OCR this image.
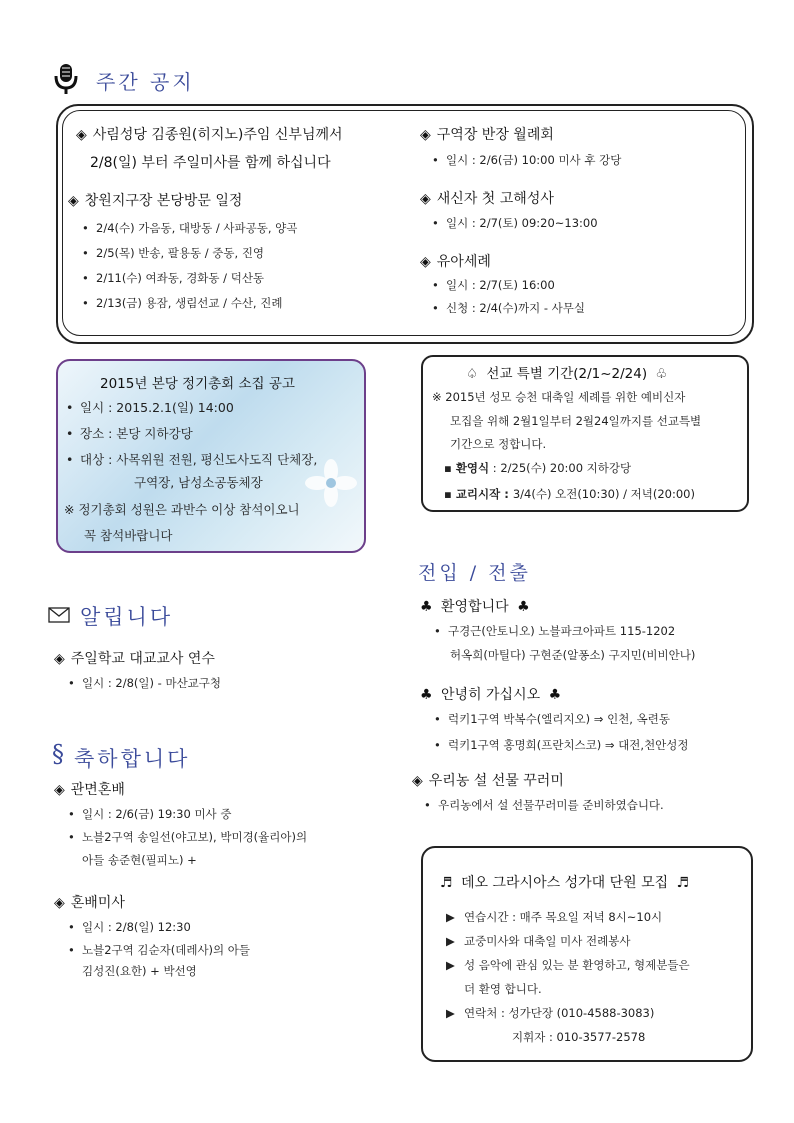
주간 공지
◈ 사림성당 김종원(히지노)주임 신부님께서
2/8(일) 부터 주일미사를 함께 하십니다
◈ 창원지구장 본당방문 일정
• 2/4(수) 가음동, 대방동 / 사파공동, 양곡
• 2/5(목) 반송, 팔용동 / 중동, 진영
• 2/11(수) 여좌동, 경화동 / 덕산동
• 2/13(금) 용잠, 생림선교 / 수산, 진례
◈ 구역장 반장 월례회
• 일시 : 2/6(금) 10:00 미사 후 강당
◈ 새신자 첫 고해성사
• 일시 : 2/7(토) 09:20~13:00
◈ 유아세례
• 일시 : 2/7(토) 16:00
• 신청 : 2/4(수)까지 - 사무실
2015년 본당 정기총회 소집 공고
• 일시 : 2015.2.1(일) 14:00
• 장소 : 본당 지하강당
• 대상 : 사목위원 전원, 평신도사도직 단체장,
구역장, 남성소공동체장
※ 정기총회 성원은 과반수 이상 참석이오니
꼭 참석바랍니다
♤ 선교 특별 기간(2/1~2/24) ♧
※ 2015년 성모 승천 대축일 세례를 위한 예비신자
모집을 위해 2월1일부터 2월24일까지를 선교특별
기간으로 정합니다.
▪ 환영식 : 2/25(수) 20:00 지하강당
▪ 교리시작 : 3/4(수) 오전(10:30) / 저녁(20:00)
알립니다
◈ 주일학교 대교교사 연수
• 일시 : 2/8(일) - 마산교구청
§ 축하합니다
◈ 관면혼배
• 일시 : 2/6(금) 19:30 미사 중
• 노블2구역 송일선(야고보), 박미경(율리아)의
아들 송준현(필피노) +
◈ 혼배미사
• 일시 : 2/8(일) 12:30
• 노블2구역 김순자(데레사)의 아들
김성진(요한) + 박선영
전입 / 전출
♣ 환영합니다 ♣
• 구경근(안토니오) 노블파크아파트 115-1202
허옥희(마틸다) 구현준(알퐁소) 구지민(비비안나)
♣ 안녕히 가십시오 ♣
• 럭키1구역 박복수(엘리지오) ⇒ 인천, 옥련동
• 럭키1구역 홍명희(프란치스코) ⇒ 대전,천안성정
◈ 우리농 설 선물 꾸러미
• 우리농에서 설 선물꾸러미를 준비하였습니다.
♬ 데오 그라시아스 성가대 단원 모집 ♬
▶ 연습시간 : 매주 목요일 저녁 8시~10시
▶ 교중미사와 대축일 미사 전례봉사
▶ 성 음악에 관심 있는 분 환영하고, 형제분들은
더 환영 합니다.
▶ 연락처 : 성가단장 (010-4588-3083)
지휘자 : 010-3577-2578
